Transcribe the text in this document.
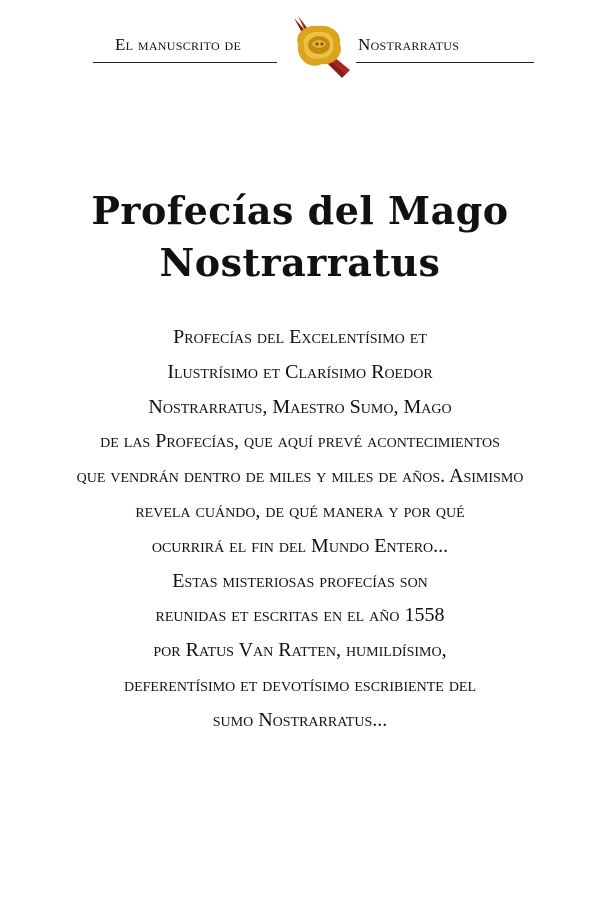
El manuscrito de	Nostrarratus
Profecías del Mago
Nostrarratus
Profecías del Excelentísimo et
Ilustrísimo et Clarísimo Roedor
Nostrarratus, Maestro Sumo, Mago
de las Profecías, que aquí prevé acontecimientos
que vendrán dentro de miles y miles de años. Asimismo
revela cuándo, de qué manera y por qué
ocurrirá el fin del Mundo Entero...
Estas misteriosas profecías son
reunidas et escritas en el año 1558
por Ratus Van Ratten, humildísimo,
deferentísimo et devotísimo escribiente del
sumo Nostrarratus...
